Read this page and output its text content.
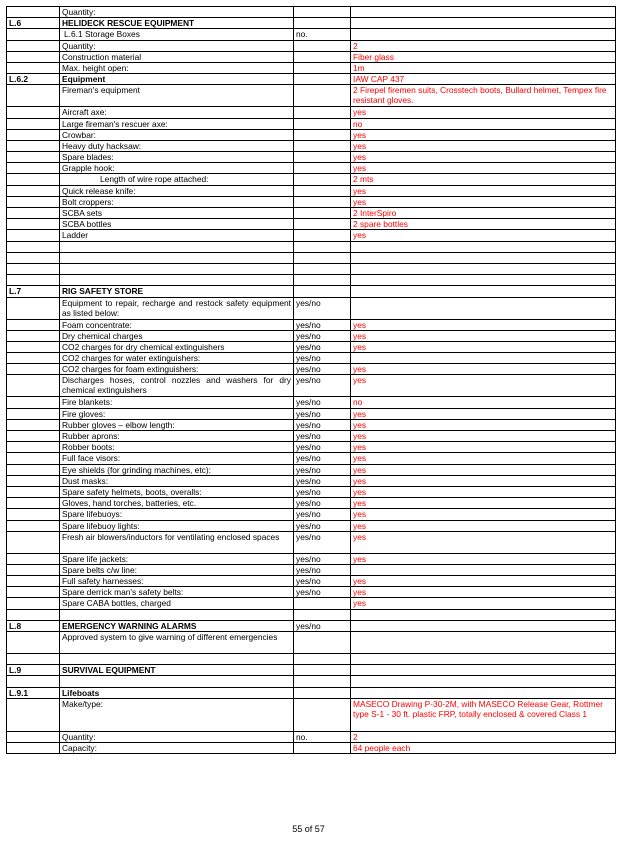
	Quantity:		
L.6	HELIDECK RESCUE EQUIPMENT		
	L.6.1 Storage Boxes	no.	
	Quantity:		2
	Construction material		Fiber glass
	Max. height open:		1m
L.6.2	Equipment		IAW CAP 437
	Fireman's equipment		2 Firepel firemen suits, Crosstech boots, Bullard helmet, Tempex fire resistant gloves.
	Aircraft axe:		yes
	Large fireman's rescuer axe:		no
	Crowbar:		yes
	Heavy duty hacksaw:		yes
	Spare blades:		yes
	Grapple hook:		yes
	Length of wire rope attached:		2 mts
	Quick release knife:		yes
	Bolt croppers:		yes
	SCBA sets		2 InterSpiro
	SCBA bottles		2 spare bottles
	Ladder		yes

L.7	RIG SAFETY STORE		
	Equipment to repair, recharge and restock safety equipment as listed below:	yes/no	
	Foam concentrate:	yes/no	yes
	Dry chemical charges	yes/no	yes
	CO2 charges for dry chemical extinguishers	yes/no	yes
	CO2 charges for water extinguishers:	yes/no	
	CO2 charges for foam extinguishers:	yes/no	yes
	Discharges hoses, control nozzles and washers for dry chemical extinguishers	yes/no	yes
	Fire blankets:	yes/no	no
	Fire gloves:	yes/no	yes
	Rubber gloves – elbow length:	yes/no	yes
	Rubber aprons:	yes/no	yes
	Robber boots:	yes/no	yes
	Full face visors:	yes/no	yes
	Eye shields (for grinding machines, etc):	yes/no	yes
	Dust masks:	yes/no	yes
	Spare safety helmets, boots, overalls:	yes/no	yes
	Gloves, hand torches, batteries, etc.	yes/no	yes
	Spare lifebuoys:	yes/no	yes
	Spare lifebuoy lights:	yes/no	yes
	Fresh air blowers/inductors for ventilating enclosed spaces	yes/no	yes
	Spare life jackets:	yes/no	yes
	Spare belts c/w line:	yes/no	
	Full safety harnesses:	yes/no	yes
	Spare derrick man's safety belts:	yes/no	yes
	Spare CABA bottles, charged		yes

L.8	EMERGENCY WARNING ALARMS	yes/no	
	Approved system to give warning of different emergencies		

L.9	SURVIVAL EQUIPMENT		

L.9.1	Lifeboats		
	Make/type:		MASECO Drawing P-30-2M, with MASECO Release Gear, Rottmer type S-1 - 30 ft. plastic FRP, totally enclosed & covered Class 1
	Quantity:	no.	2
	Capacity:		64 people each
55 of 57
